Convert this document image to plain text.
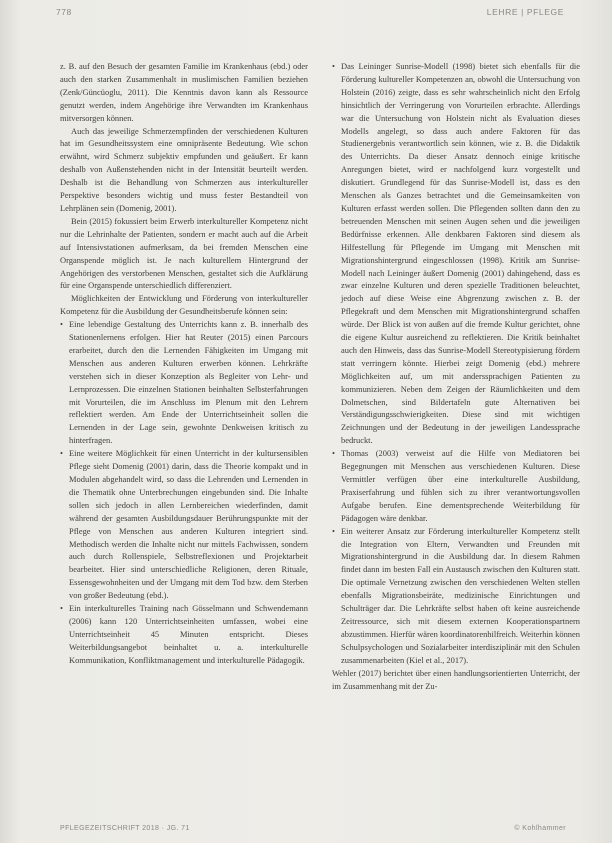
778	LEHRE | PFLEGE

z. B. auf den Besuch der gesamten Familie im Krankenhaus (ebd.) oder auch den starken Zusammenhalt in muslimischen Familien beziehen (Zenk/Güncüoglu, 2011). Die Kenntnis davon kann als Ressource genutzt werden, indem Angehörige ihre Verwandten im Krankenhaus mitversorgen können.

Auch das jeweilige Schmerzempfinden der verschiedenen Kulturen hat im Gesundheitssystem eine omnipräsente Bedeutung. Wie schon erwähnt, wird Schmerz subjektiv empfunden und geäußert. Er kann deshalb von Außenstehenden nicht in der Intensität beurteilt werden. Deshalb ist die Behandlung von Schmerzen aus interkultureller Perspektive besonders wichtig und muss fester Bestandteil von Lehrplänen sein (Domenig, 2001).

Bein (2015) fokussiert beim Erwerb interkultureller Kompetenz nicht nur die Lehrinhalte der Patienten, sondern er macht auch auf die Arbeit auf Intensivstationen aufmerksam, da bei fremden Menschen eine Organspende möglich ist. Je nach kulturellem Hintergrund der Angehörigen des verstorbenen Menschen, gestaltet sich die Aufklärung für eine Organspende unterschiedlich differenziert.

Möglichkeiten der Entwicklung und Förderung von interkultureller Kompetenz für die Ausbildung der Gesundheitsberufe können sein:

• Eine lebendige Gestaltung des Unterrichts kann z. B. innerhalb des Stationenlernens erfolgen. Hier hat Reuter (2015) einen Parcours erarbeitet, durch den die Lernenden Fähigkeiten im Umgang mit Menschen aus anderen Kulturen erwerben können. Lehrkräfte verstehen sich in dieser Konzeption als Begleiter von Lehr- und Lernprozessen. Die einzelnen Stationen beinhalten Selbsterfahrungen mit Vorurteilen, die im Anschluss im Plenum mit den Lehrern reflektiert werden. Am Ende der Unterrichtseinheit sollen die Lernenden in der Lage sein, gewohnte Denkweisen kritisch zu hinterfragen.
• Eine weitere Möglichkeit für einen Unterricht in der kultursensiblen Pflege sieht Domenig (2001) darin, dass die Theorie kompakt und in Modulen abgehandelt wird, so dass die Lehrenden und Lernenden in die Thematik ohne Unterbrechungen eingebunden sind. Die Inhalte sollen sich jedoch in allen Lernbereichen wiederfinden, damit während der gesamten Ausbildungsdauer Berührungspunkte mit der Pflege von Menschen aus anderen Kulturen integriert sind. Methodisch werden die Inhalte nicht nur mittels Fachwissen, sondern auch durch Rollenspiele, Selbstreflexionen und Projektarbeit bearbeitet. Hier sind unterschiedliche Religionen, deren Rituale, Essensgewohnheiten und der Umgang mit dem Tod bzw. dem Sterben von großer Bedeutung (ebd.).
• Ein interkulturelles Training nach Gösselmann und Schwendemann (2006) kann 120 Unterrichtseinheiten umfassen, wobei eine Unterrichtseinheit 45 Minuten entspricht. Dieses Weiterbildungsangebot beinhaltet u. a. interkulturelle Kommunikation, Konfliktmanagement und interkulturelle Pädagogik.
• Das Leininger Sunrise-Modell (1998) bietet sich ebenfalls für die Förderung kultureller Kompetenzen an, obwohl die Untersuchung von Holstein (2016) zeigte, dass es sehr wahrscheinlich nicht den Erfolg hinsichtlich der Verringerung von Vorurteilen erbrachte. Allerdings war die Untersuchung von Holstein nicht als Evaluation dieses Modells angelegt, so dass auch andere Faktoren für das Studienergebnis verantwortlich sein können, wie z. B. die Didaktik des Unterrichts. Da dieser Ansatz dennoch einige kritische Anregungen bietet, wird er nachfolgend kurz vorgestellt und diskutiert. Grundlegend für das Sunrise-Modell ist, dass es den Menschen als Ganzes betrachtet und die Gemeinsamkeiten von Kulturen erfasst werden sollen. Die Pflegenden sollten dann den zu betreuenden Menschen mit seinen Augen sehen und die jeweiligen Bedürfnisse erkennen. Alle denkbaren Faktoren sind diesem als Hilfestellung für Pflegende im Umgang mit Menschen mit Migrationshintergrund eingeschlossen (1998). Kritik am Sunrise-Modell nach Leininger äußert Domenig (2001) dahingehend, dass es zwar einzelne Kulturen und deren spezielle Traditionen beleuchtet, jedoch auf diese Weise eine Abgrenzung zwischen z. B. der Pflegekraft und dem Menschen mit Migrationshintergrund schaffen würde. Der Blick ist von außen auf die fremde Kultur gerichtet, ohne die eigene Kultur ausreichend zu reflektieren. Die Kritik beinhaltet auch den Hinweis, dass das Sunrise-Modell Stereotypisierung fördern statt verringern könnte. Hierbei zeigt Domenig (ebd.) mehrere Möglichkeiten auf, um mit anderssprachigen Patienten zu kommunizieren. Neben dem Zeigen der Räumlichkeiten und dem Dolmetschen, sind Bildertafeln gute Alternativen bei Verständigungsschwierigkeiten. Diese sind mit wichtigen Zeichnungen und der Bedeutung in der jeweiligen Landessprache bedruckt.
• Thomas (2003) verweist auf die Hilfe von Mediatoren bei Begegnungen mit Menschen aus verschiedenen Kulturen. Diese Vermittler verfügen über eine interkulturelle Ausbildung, Praxiserfahrung und fühlen sich zu ihrer verantwortungsvollen Aufgabe berufen. Eine dementsprechende Weiterbildung für Pädagogen wäre denkbar.
• Ein weiterer Ansatz zur Förderung interkultureller Kompetenz stellt die Integration von Eltern, Verwandten und Freunden mit Migrationshintergrund in die Ausbildung dar. In diesem Rahmen findet dann im besten Fall ein Austausch zwischen den Kulturen statt. Die optimale Vernetzung zwischen den verschiedenen Welten stellen ebenfalls Migrationsbeiräte, medizinische Einrichtungen und Schulträger dar. Die Lehrkräfte selbst haben oft keine ausreichende Zeitressource, sich mit diesem externen Kooperationspartnern abzustimmen. Hierfür wären koordinatorenhilfreich. Weiterhin können Schulpsychologen und Sozialarbeiter interdisziplinär mit den Schulen zusammenarbeiten (Kiel et al., 2017).

Wehler (2017) berichtet über einen handlungsorientierten Unterricht, der im Zusammenhang mit der Zu-

PFLEGEZEITSCHRIFT 2018 · JG. 71	© Kohlhammer
